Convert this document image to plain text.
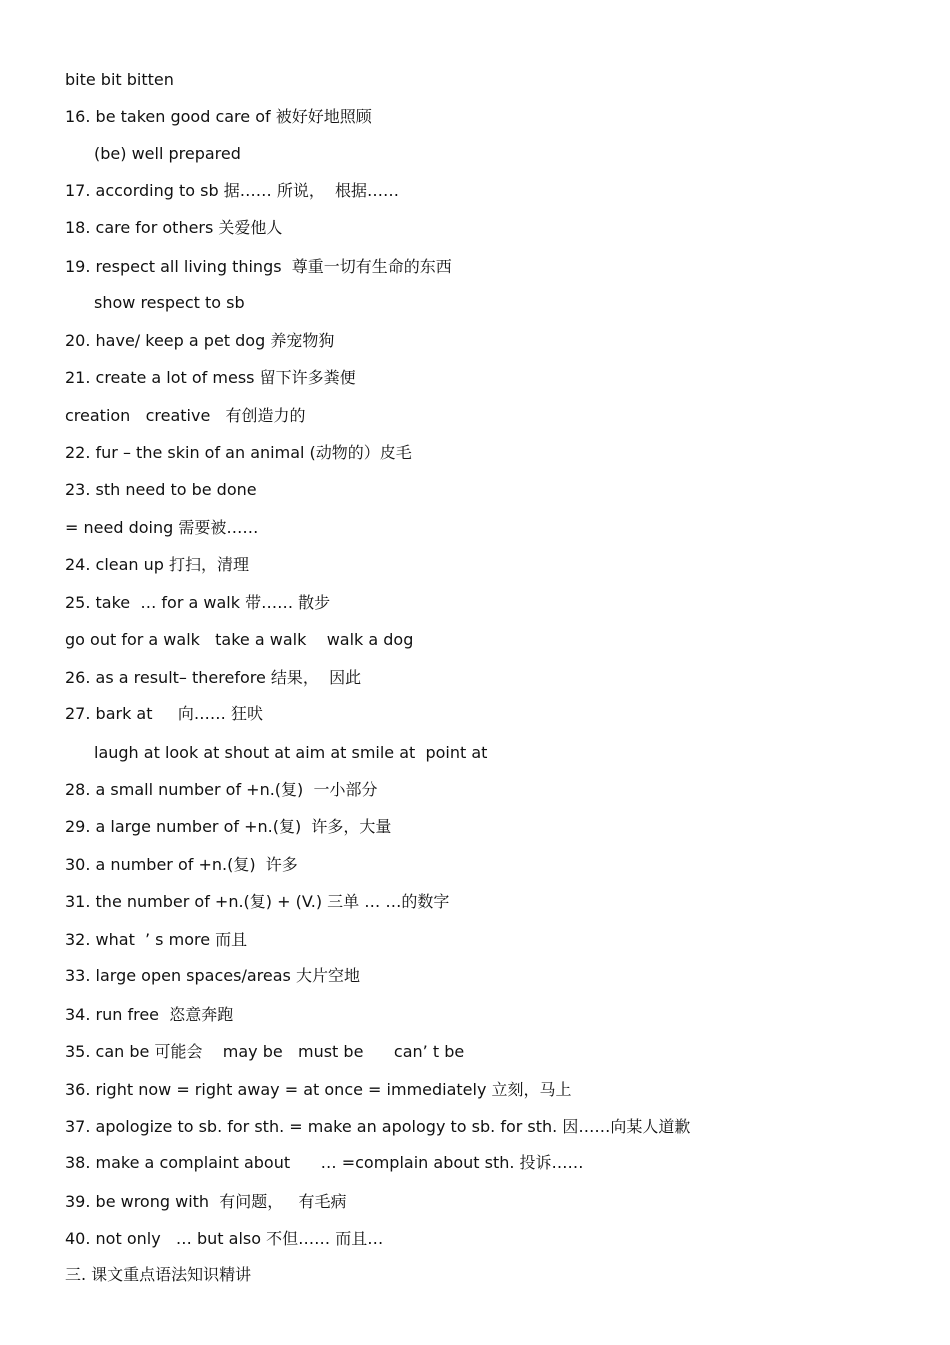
bite bit bitten
16. be taken good care of 被好好地照顾
(be) well prepared
17. according to sb 据…… 所说，  根据……
18. care for others 关爱他人
19. respect all living things  尊重一切有生命的东西
show respect to sb
20. have/ keep a pet dog 养宠物狗
21. create a lot of mess 留下许多粪便
creation   creative   有创造力的
22. fur – the skin of an animal (动物的）皮毛
23. sth need to be done
= need doing 需要被……
24. clean up 打扫，清理
25. take  … for a walk 带…… 散步
go out for a walk   take a walk    walk a dog
26. as a result– therefore 结果，  因此
27. bark at     向…… 狂吠
laugh at look at shout at aim at smile at  point at
28. a small number of +n.(复)  一小部分
29. a large number of +n.(复)  许多，大量
30. a number of +n.(复)  许多
31. the number of +n.(复) + (V.) 三单 … …的数字
32. what  ’ s more 而且
33. large open spaces/areas 大片空地
34. run free  恣意奔跑
35. can be 可能会    may be   must be      can’ t be
36. right now = right away = at once = immediately 立刻，马上
37. apologize to sb. for sth. = make an apology to sb. for sth. 因……向某人道歉
38. make a complaint about      … =complain about sth. 投诉……
39. be wrong with  有问题，   有毛病
40. not only   … but also 不但…… 而且…
三. 课文重点语法知识精讲
